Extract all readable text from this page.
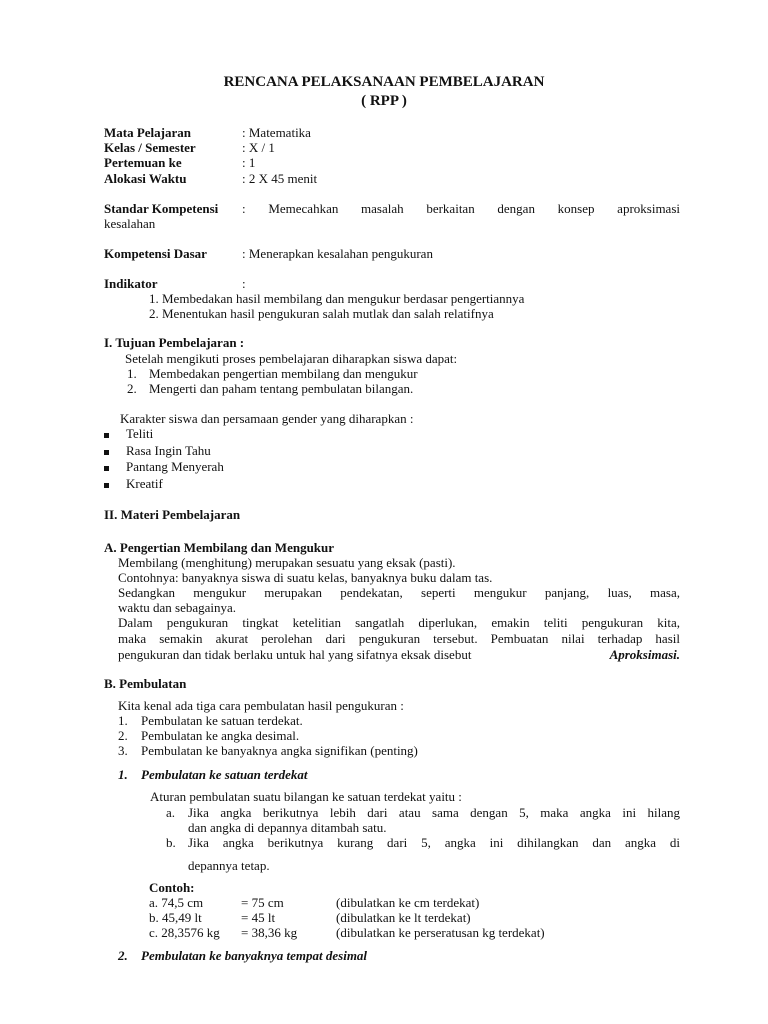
RENCANA PELAKSANAAN PEMBELAJARAN
( RPP )
Mata Pelajaran	: Matematika
Kelas / Semester	: X / 1
Pertemuan ke	: 1
Alokasi Waktu	: 2 X 45 menit
Standar Kompetensi : Memecahkan masalah berkaitan dengan konsep aproksimasi
kesalahan
Kompetensi Dasar	: Menerapkan kesalahan pengukuran
Indikator	:
1. Membedakan hasil membilang dan mengukur berdasar pengertiannya
2. Menentukan hasil pengukuran salah mutlak dan salah relatifnya
I. Tujuan Pembelajaran :
Setelah mengikuti proses pembelajaran diharapkan siswa dapat:
1. Membedakan pengertian membilang dan mengukur
2. Mengerti dan paham tentang pembulatan bilangan.
Karakter siswa dan persamaan gender yang diharapkan :
Teliti
Rasa Ingin Tahu
Pantang Menyerah
Kreatif
II. Materi Pembelajaran
A. Pengertian Membilang dan Mengukur
Membilang (menghitung) merupakan sesuatu yang eksak (pasti).
Contohnya: banyaknya siswa di suatu kelas, banyaknya buku dalam tas.
Sedangkan mengukur merupakan pendekatan, seperti mengukur panjang, luas, masa,
waktu dan sebagainya.
Dalam pengukuran tingkat ketelitian sangatlah diperlukan, emakin teliti pengukuran kita,
maka semakin akurat perolehan dari pengukuran tersebut. Pembuatan nilai terhadap hasil
pengukuran dan tidak berlaku untuk hal yang sifatnya eksak disebut	Aproksimasi.
B. Pembulatan
Kita kenal ada tiga cara pembulatan hasil pengukuran :
1. Pembulatan ke satuan terdekat.
2. Pembulatan ke angka desimal.
3. Pembulatan ke banyaknya angka signifikan (penting)
1. Pembulatan ke satuan terdekat
Aturan pembulatan suatu bilangan ke satuan terdekat yaitu :
a. Jika angka berikutnya lebih dari atau sama dengan 5, maka angka ini hilang
dan angka di depannya ditambah satu.
b. Jika angka berikutnya kurang dari 5, angka ini dihilangkan dan angka di
depannya tetap.
Contoh:
a. 74,5 cm	= 75 cm	(dibulatkan ke cm terdekat)
b. 45,49 lt	= 45 lt	(dibulatkan ke lt terdekat)
c. 28,3576 kg = 38,36 kg	(dibulatkan ke perseratusan kg terdekat)
2. Pembulatan ke banyaknya tempat desimal
